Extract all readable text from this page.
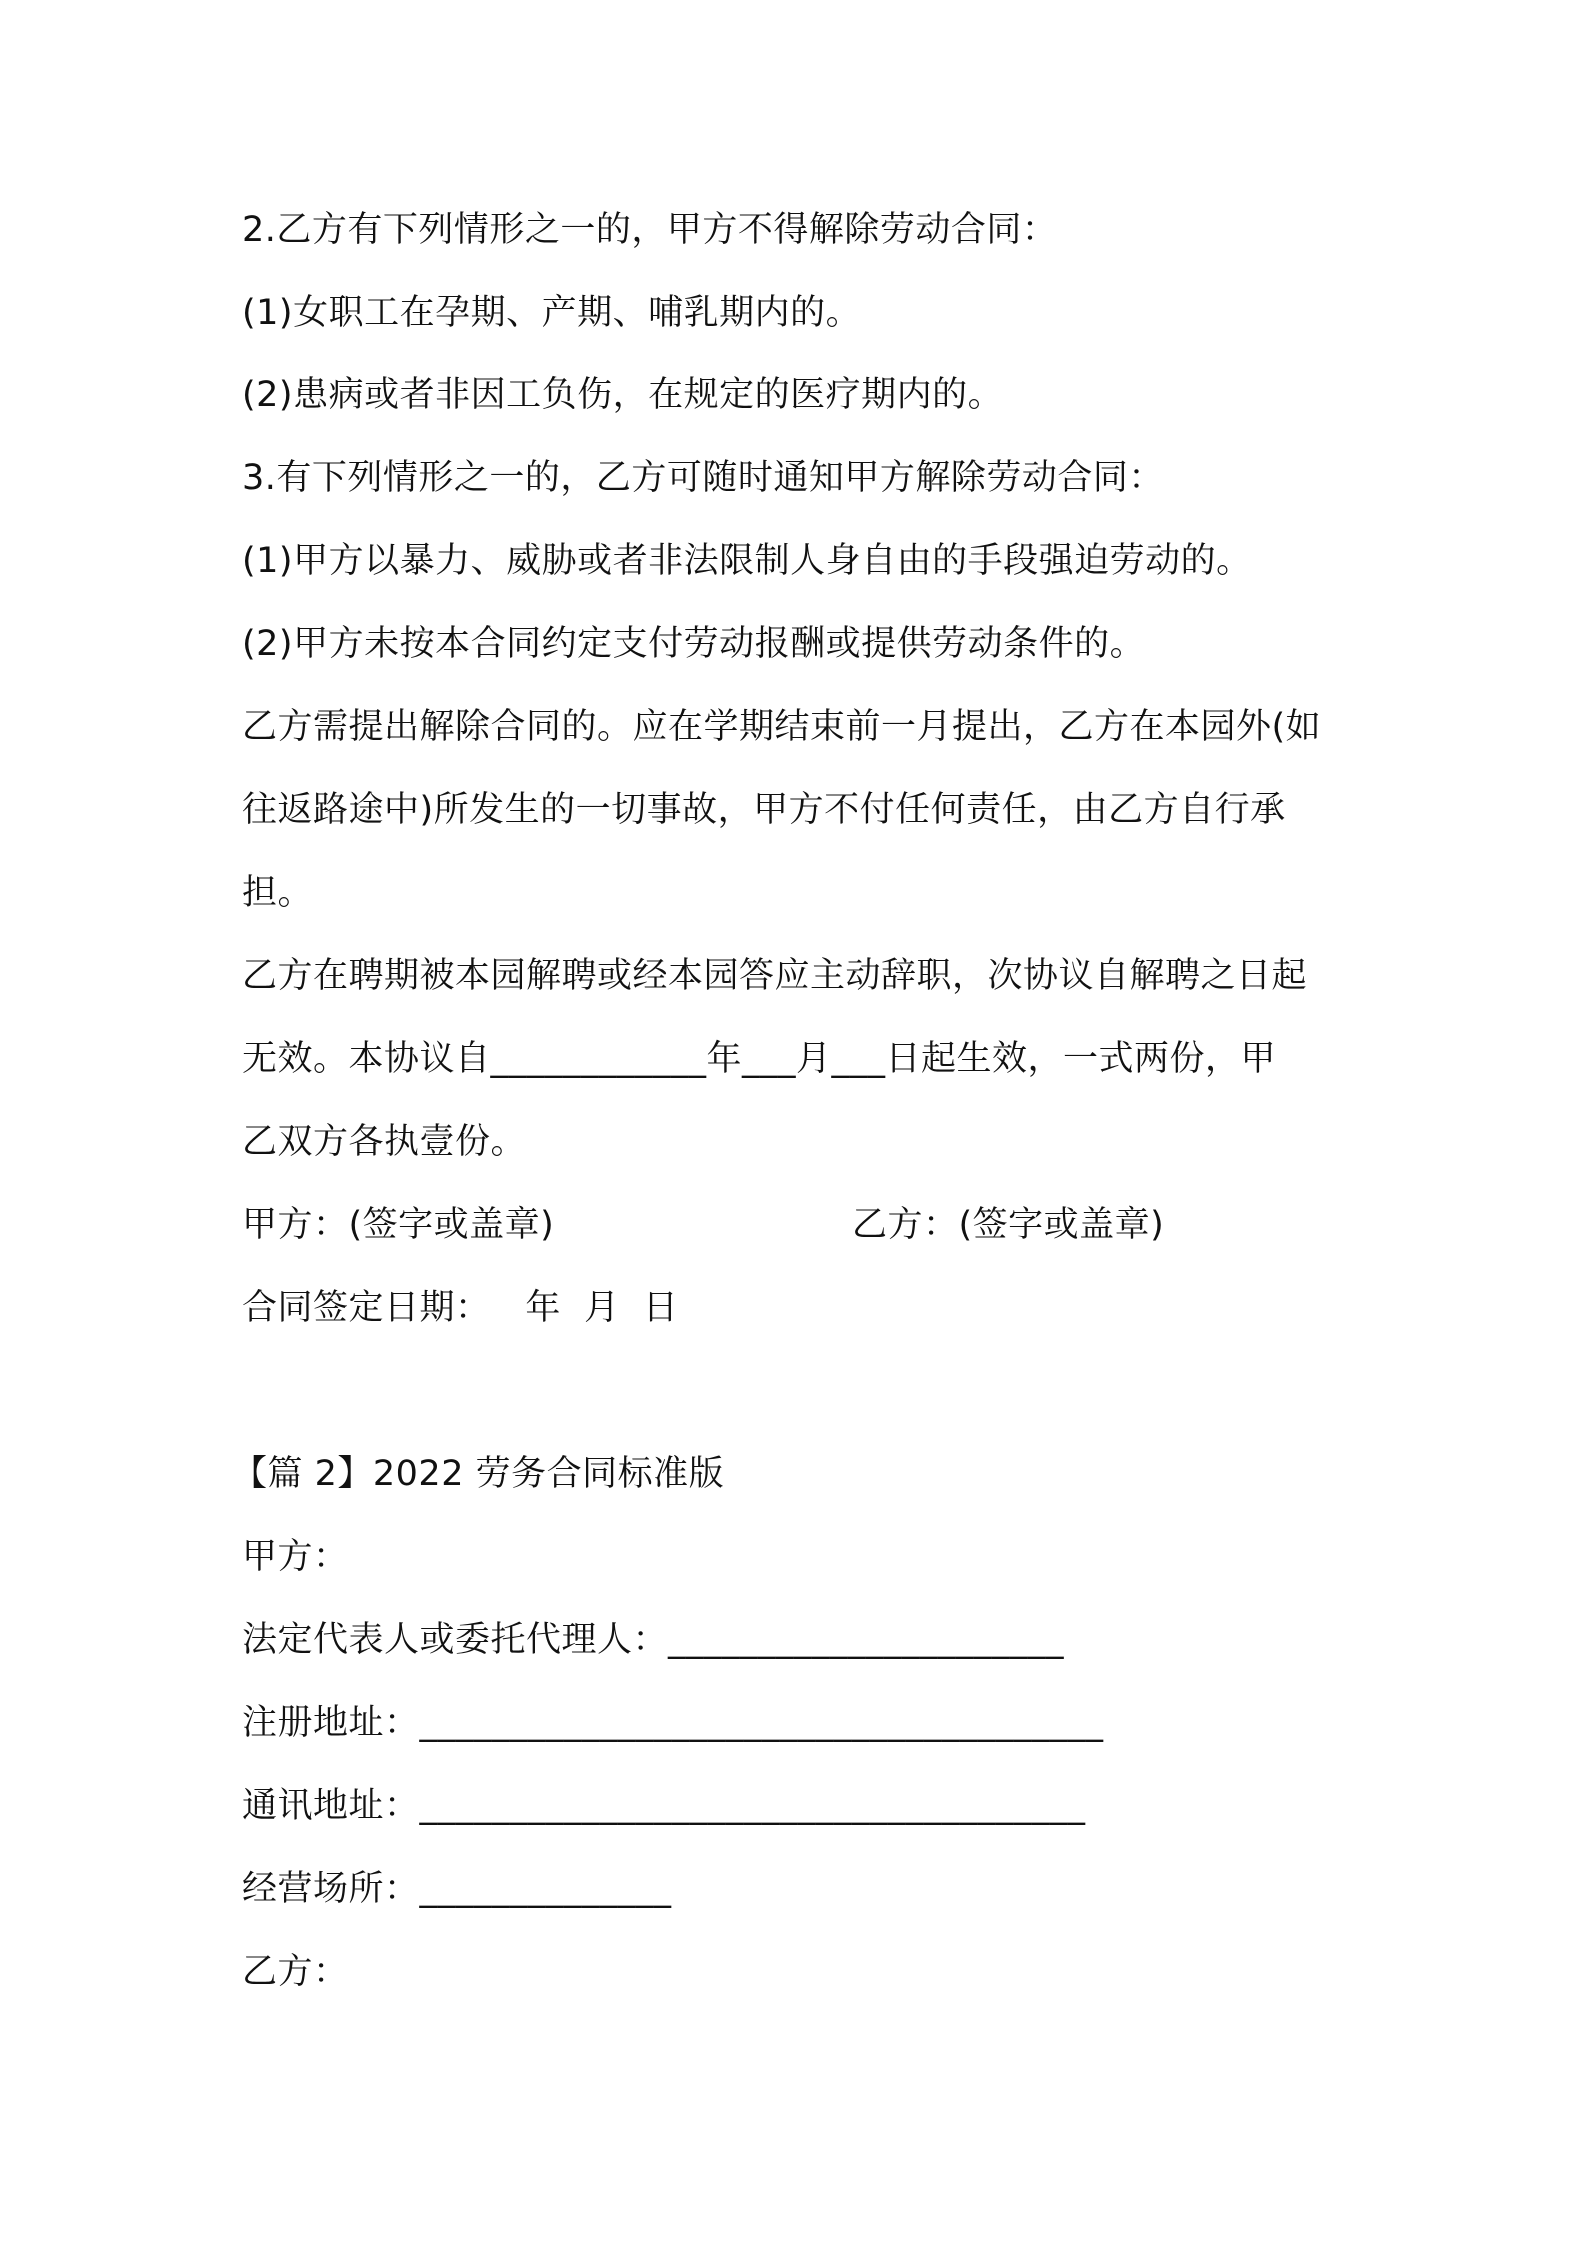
2.乙方有下列情形之一的，甲方不得解除劳动合同：
(1)女职工在孕期、产期、哺乳期内的。
(2)患病或者非因工负伤，在规定的医疗期内的。
3.有下列情形之一的，乙方可随时通知甲方解除劳动合同：
(1)甲方以暴力、威胁或者非法限制人身自由的手段强迫劳动的。
(2)甲方未按本合同约定支付劳动报酬或提供劳动条件的。
乙方需提出解除合同的。应在学期结束前一月提出，乙方在本园外(如
往返路途中)所发生的一切事故，甲方不付任何责任，由乙方自行承
担。
乙方在聘期被本园解聘或经本园答应主动辞职，次协议自解聘之日起
无效。本协议自____________年___月___日起生效，一式两份，甲
乙双方各执壹份。
甲方：(签字或盖章)	乙方：(签字或盖章)
合同签定日期：   年  月  日
【篇 2】2022 劳务合同标准版
甲方：
法定代表人或委托代理人：______________________
注册地址：______________________________________
通讯地址：_____________________________________
经营场所：______________
乙方：
